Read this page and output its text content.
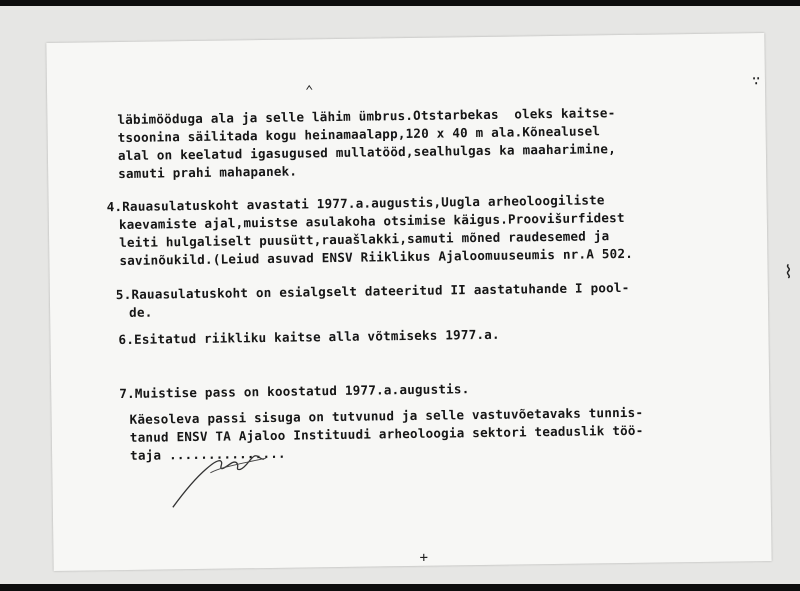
läbimööduga ala ja selle lähim ümbrus.Otstarbekas  oleks kaitse-
tsoonina säilitada kogu heinamaalapp,120 x 40 m ala.Kõnealusel
alal on keelatud igasugused mullatööd,sealhulgas ka maaharimine,
samuti prahi mahapanek.
4.Rauasulatuskoht avastati 1977.a.augustis,Uugla arheoloogiliste
kaevamiste ajal,muistse asulakoha otsimise käigus.Proovišurfidest
leiti hulgaliselt puusütt,rauašlakki,samuti mõned raudesemed ja
savinõukild.(Leiud asuvad ENSV Riiklikus Ajaloomuuseumis nr.A 502.
5.Rauasulatuskoht on esialgselt dateeritud II aastatuhande I pool-
de.
6.Esitatud riikliku kaitse alla võtmiseks 1977.a.
7.Muistise pass on koostatud 1977.a.augustis.
Käesoleva passi sisuga on tutvunud ja selle vastuvõetavaks tunnis-
tanud ENSV TA Ajaloo Instituudi arheoloogia sektori teaduslik töö-
taja ...............
⌃
∵
+
⌇
